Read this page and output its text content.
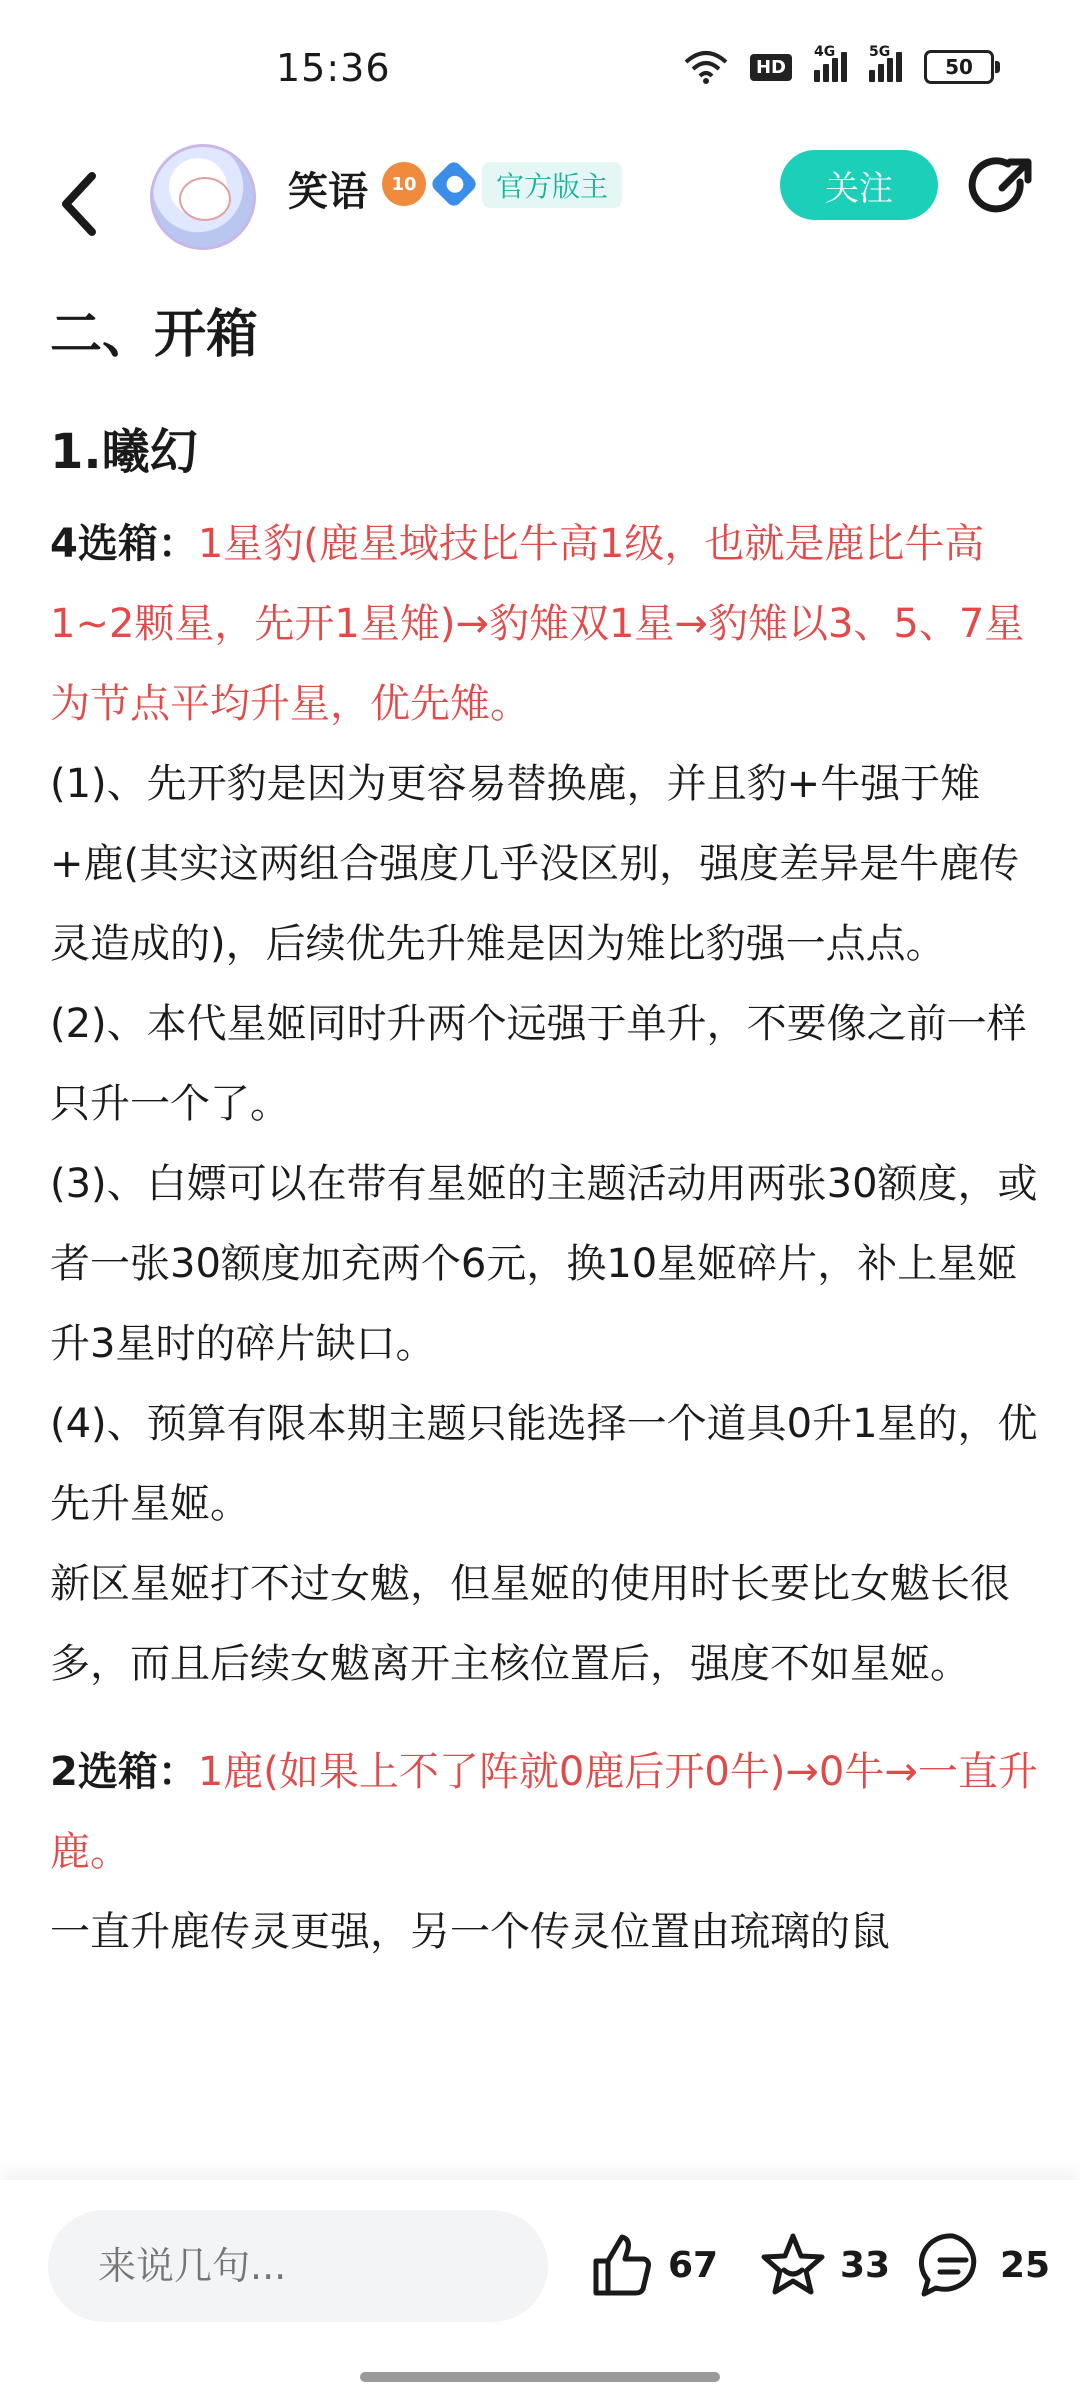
15:36	HD
4G 5G
50
笑语	10	●	官方版主	关注
二、开箱
1.曦幻

4选箱：1星豹(鹿星域技比牛高1级，也就是鹿比牛高1~2颗星，先开1星雉)→豹雉双1星→豹雉以3、5、7星为节点平均升星，优先雉。

(1)、先开豹是因为更容易替换鹿，并且豹+牛强于雉+鹿(其实这两组合强度几乎没区别，强度差异是牛鹿传灵造成的)，后续优先升雉是因为雉比豹强一点点。

(2)、本代星姬同时升两个远强于单升，不要像之前一样只升一个了。

(3)、白嫖可以在带有星姬的主题活动用两张30额度，或者一张30额度加充两个6元，换10星姬碎片，补上星姬升3星时的碎片缺口。

(4)、预算有限本期主题只能选择一个道具0升1星的，优先升星姬。

新区星姬打不过女魃，但星姬的使用时长要比女魃长很多，而且后续女魃离开主核位置后，强度不如星姬。

2选箱：1鹿(如果上不了阵就0鹿后开0牛)→0牛→一直升鹿。

一直升鹿传灵更强，另一个传灵位置由琉璃的鼠

来说几句...
67	33	25
